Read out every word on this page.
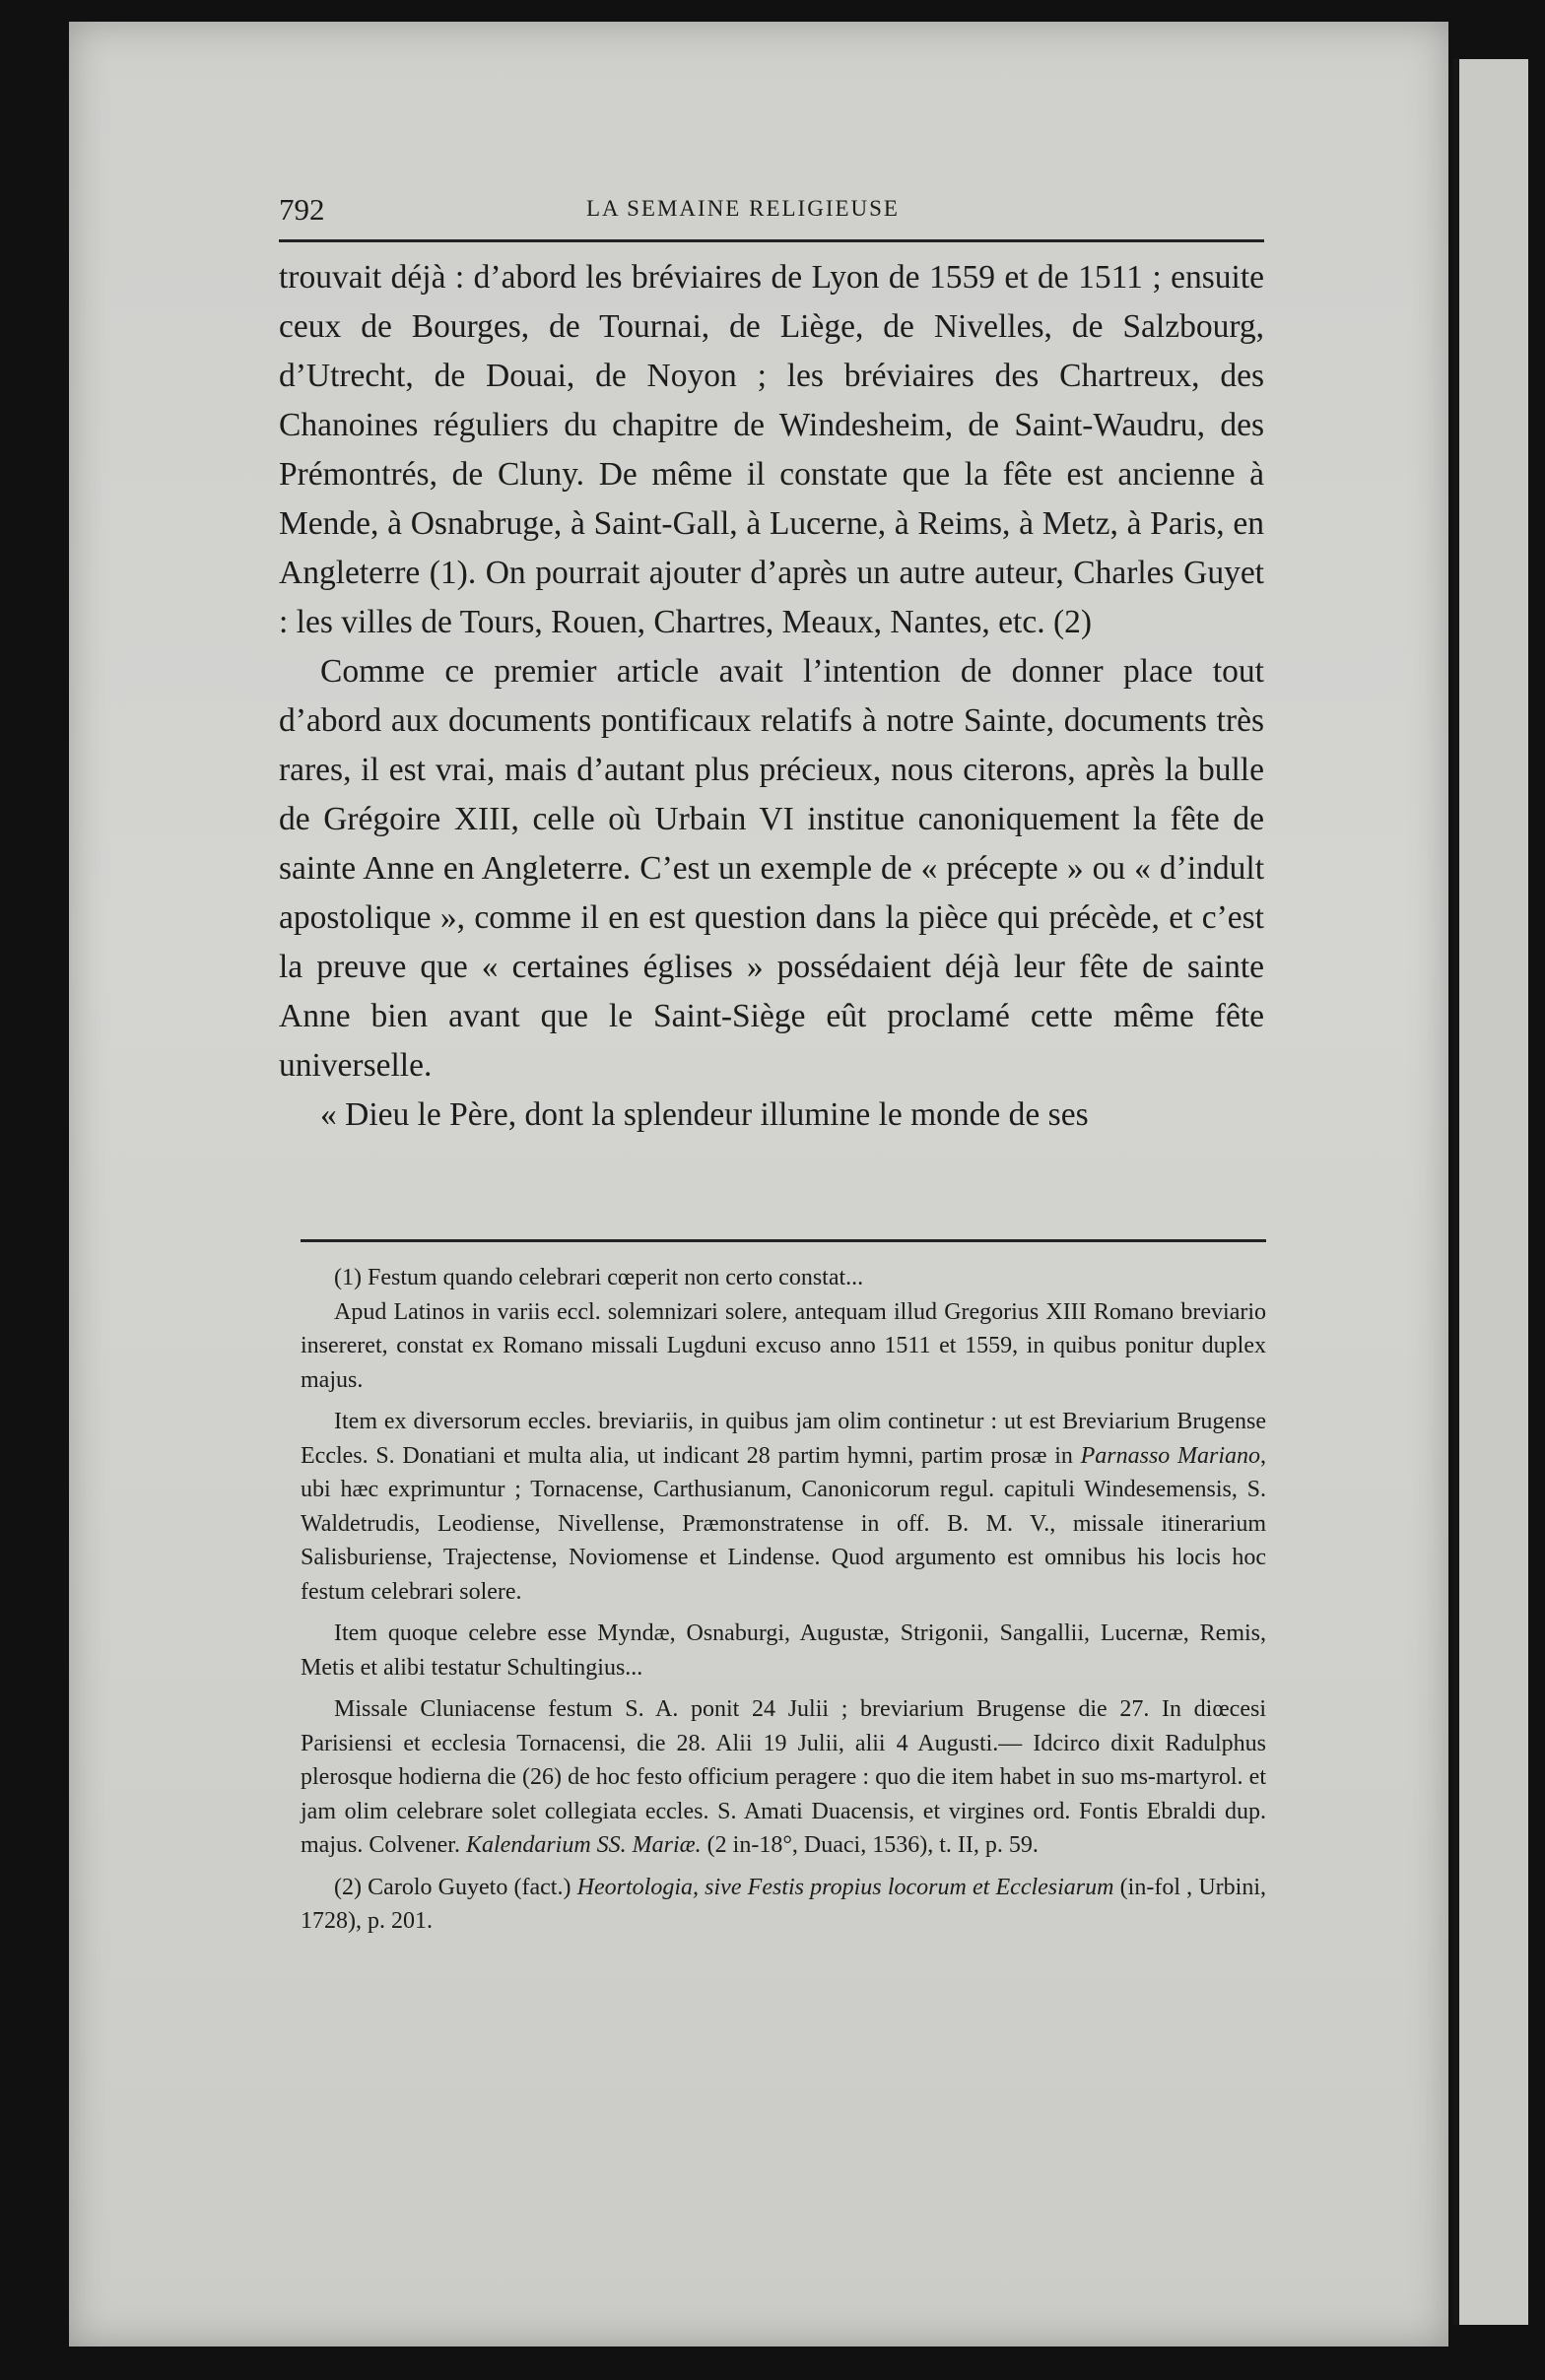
792	LA SEMAINE RELIGIEUSE

trouvait déjà : d’abord les bréviaires de Lyon de 1559 et de 1511 ; ensuite ceux de Bourges, de Tournai, de Liège, de Nivelles, de Salzbourg, d’Utrecht, de Douai, de Noyon ; les bréviaires des Chartreux, des Chanoines réguliers du chapitre de Windesheim, de Saint-Waudru, des Prémontrés, de Cluny. De même il constate que la fête est ancienne à Mende, à Osnabruge, à Saint-Gall, à Lucerne, à Reims, à Metz, à Paris, en Angleterre (1). On pourrait ajouter d’après un autre auteur, Charles Guyet : les villes de Tours, Rouen, Chartres, Meaux, Nantes, etc. (2)

Comme ce premier article avait l’intention de donner place tout d’abord aux documents pontificaux relatifs à notre Sainte, documents très rares, il est vrai, mais d’autant plus précieux, nous citerons, après la bulle de Grégoire XIII, celle où Urbain VI institue canoniquement la fête de sainte Anne en Angleterre. C’est un exemple de « précepte » ou « d’indult apostolique », comme il en est question dans la pièce qui précède, et c’est la preuve que « certaines églises » possédaient déjà leur fête de sainte Anne bien avant que le Saint-Siège eût proclamé cette même fête universelle.

« Dieu le Père, dont la splendeur illumine le monde de ses

(1) Festum quando celebrari cœperit non certo constat...

Apud Latinos in variis eccl. solemnizari solere, antequam illud Gregorius XIII Romano breviario insereret, constat ex Romano missali Lugduni excuso anno 1511 et 1559, in quibus ponitur duplex majus.

Item ex diversorum eccles. breviariis, in quibus jam olim continetur : ut est Breviarium Brugense Eccles. S. Donatiani et multa alia, ut indicant 28 partim hymni, partim prosæ in Parnasso Mariano, ubi hæc exprimuntur ; Tornacense, Carthusianum, Canonicorum regul. capituli Windesemensis, S. Waldetrudis, Leodiense, Nivellense, Præmonstratense in off. B. M. V., missale itinerarium Salisburiense, Trajectense, Noviomense et Lindense. Quod argumento est omnibus his locis hoc festum celebrari solere.

Item quoque celebre esse Myndæ, Osnaburgi, Augustæ, Strigonii, Sangallii, Lucernæ, Remis, Metis et alibi testatur Schultingius...

Missale Cluniacense festum S. A. ponit 24 Julii ; breviarium Brugense die 27. In diœcesi Parisiensi et ecclesia Tornacensi, die 28. Alii 19 Julii, alii 4 Augusti.— Idcirco dixit Radulphus plerosque hodierna die (26) de hoc festo officium peragere : quo die item habet in suo ms-martyrol. et jam olim celebrare solet collegiata eccles. S. Amati Duacensis, et virgines ord. Fontis Ebraldi dup. majus. Colvener. Kalendarium SS. Mariæ. (2 in-18°, Duaci, 1536), t. II, p. 59.

(2) Carolo Guyeto (fact.) Heortologia, sive Festis propius locorum et Ecclesiarum (in-fol , Urbini, 1728), p. 201.
